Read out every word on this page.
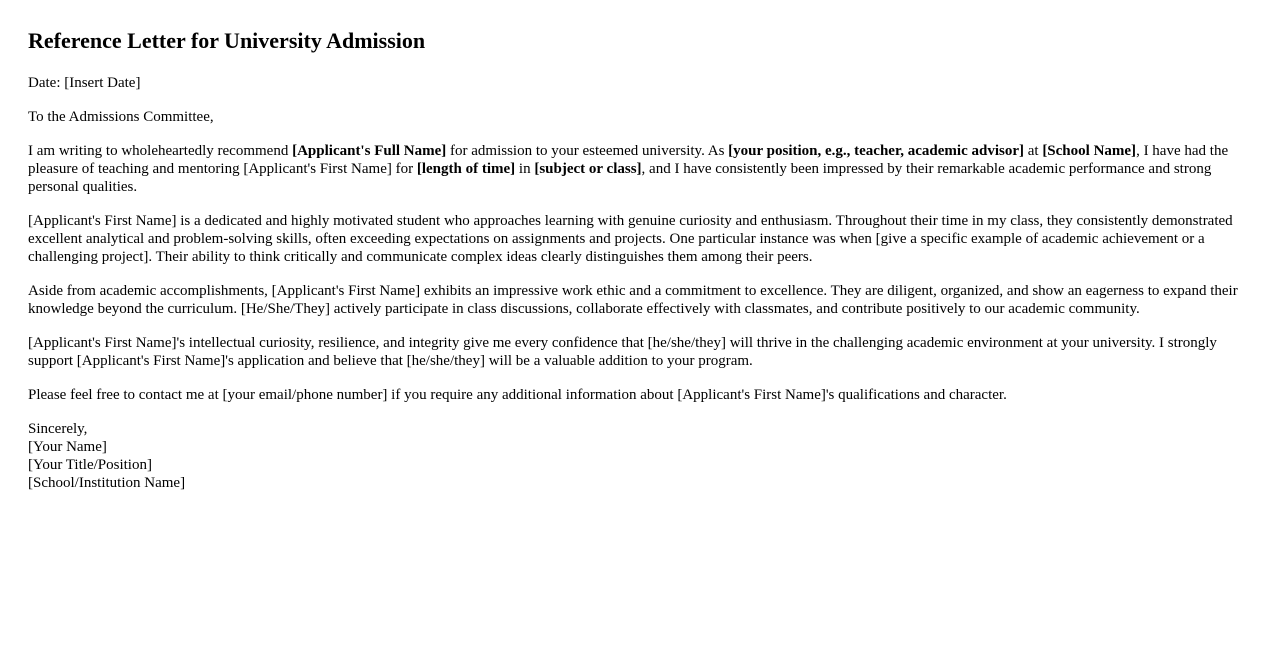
Reference Letter for University Admission

Date: [Insert Date]

To the Admissions Committee,

I am writing to wholeheartedly recommend [Applicant's Full Name] for admission to your esteemed university. As [your position, e.g., teacher, academic advisor] at [School Name], I have had the pleasure of teaching and mentoring [Applicant's First Name] for [length of time] in [subject or class], and I have consistently been impressed by their remarkable academic performance and strong personal qualities.

[Applicant's First Name] is a dedicated and highly motivated student who approaches learning with genuine curiosity and enthusiasm. Throughout their time in my class, they consistently demonstrated excellent analytical and problem-solving skills, often exceeding expectations on assignments and projects. One particular instance was when [give a specific example of academic achievement or a challenging project]. Their ability to think critically and communicate complex ideas clearly distinguishes them among their peers.

Aside from academic accomplishments, [Applicant's First Name] exhibits an impressive work ethic and a commitment to excellence. They are diligent, organized, and show an eagerness to expand their knowledge beyond the curriculum. [He/She/They] actively participate in class discussions, collaborate effectively with classmates, and contribute positively to our academic community.

[Applicant's First Name]'s intellectual curiosity, resilience, and integrity give me every confidence that [he/she/they] will thrive in the challenging academic environment at your university. I strongly support [Applicant's First Name]'s application and believe that [he/she/they] will be a valuable addition to your program.

Please feel free to contact me at [your email/phone number] if you require any additional information about [Applicant's First Name]'s qualifications and character.

Sincerely,
[Your Name]
[Your Title/Position]
[School/Institution Name]
